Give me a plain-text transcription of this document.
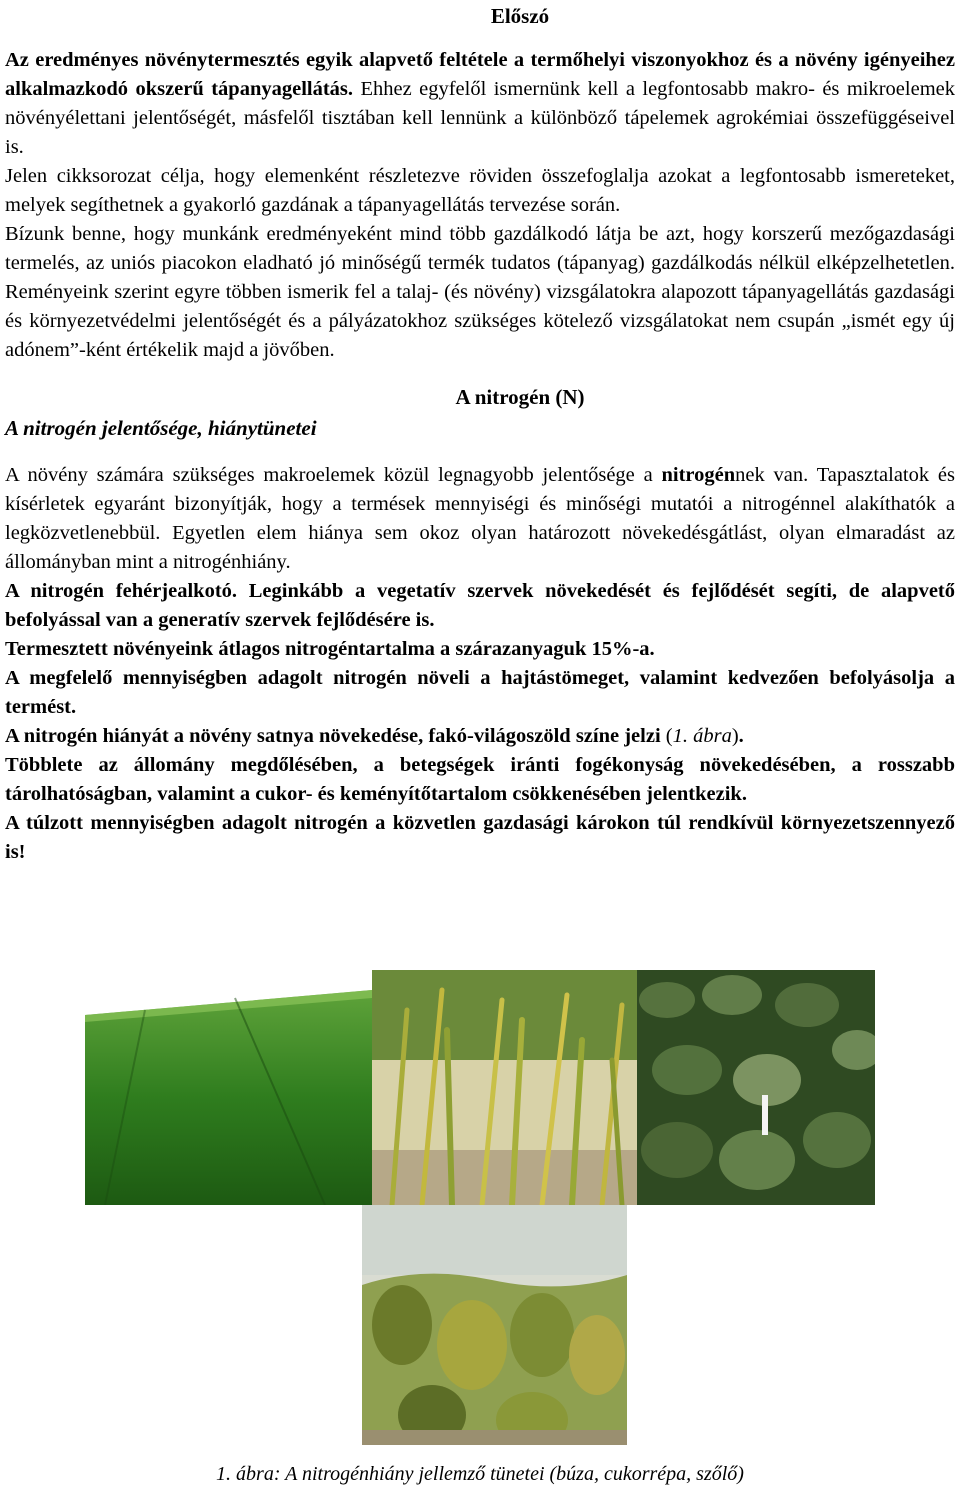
Előszó

Az eredményes növénytermesztés egyik alapvető feltétele a termőhelyi viszonyokhoz és a növény igényeihez alkalmazkodó okszerű tápanyagellátás. Ehhez egyfelől ismernünk kell a legfontosabb makro- és mikroelemek növényélettani jelentőségét, másfelől tisztában kell lennünk a különböző tápelemek agrokémiai összefüggéseivel is.

Jelen cikksorozat célja, hogy elemenként részletezve röviden összefoglalja azokat a legfontosabb ismereteket, melyek segíthetnek a gyakorló gazdának a tápanyagellátás tervezése során.

Bízunk benne, hogy munkánk eredményeként mind több gazdálkodó látja be azt, hogy korszerű mezőgazdasági termelés, az uniós piacokon eladható jó minőségű termék tudatos (tápanyag) gazdálkodás nélkül elképzelhetetlen. Reményeink szerint egyre többen ismerik fel a talaj- (és növény) vizsgálatokra alapozott tápanyagellátás gazdasági és környezetvédelmi jelentőségét és a pályázatokhoz szükséges kötelező vizsgálatokat nem csupán „ismét egy új adónem”-ként értékelik majd a jövőben.

A nitrogén (N)
A nitrogén jelentősége, hiánytünetei

A növény számára szükséges makroelemek közül legnagyobb jelentősége a nitrogénnek van. Tapasztalatok és kísérletek egyaránt bizonyítják, hogy a termések mennyiségi és minőségi mutatói a nitrogénnel alakíthatók a legközvetlenebbül. Egyetlen elem hiánya sem okoz olyan határozott növekedésgátlást, olyan elmaradást az állományban mint a nitrogénhiány.

A nitrogén fehérjealkotó. Leginkább a vegetatív szervek növekedését és fejlődését segíti, de alapvető befolyással van a generatív szervek fejlődésére is.

Termesztett növényeink átlagos nitrogéntartalma a szárazanyaguk 15%-a.

A megfelelő mennyiségben adagolt nitrogén növeli a hajtástömeget, valamint kedvezően befolyásolja a termést.

A nitrogén hiányát a növény satnya növekedése, fakó-világoszöld színe jelzi (1. ábra).

Többlete az állomány megdőlésében, a betegségek iránti fogékonyság növekedésében, a rosszabb tárolhatóságban, valamint a cukor- és keményítőtartalom csökkenésében jelentkezik.

A túlzott mennyiségben adagolt nitrogén a közvetlen gazdasági károkon túl rendkívül környezetszennyező is!

1. ábra: A nitrogénhiány jellemző tünetei (búza, cukorrépa, szőlő)
